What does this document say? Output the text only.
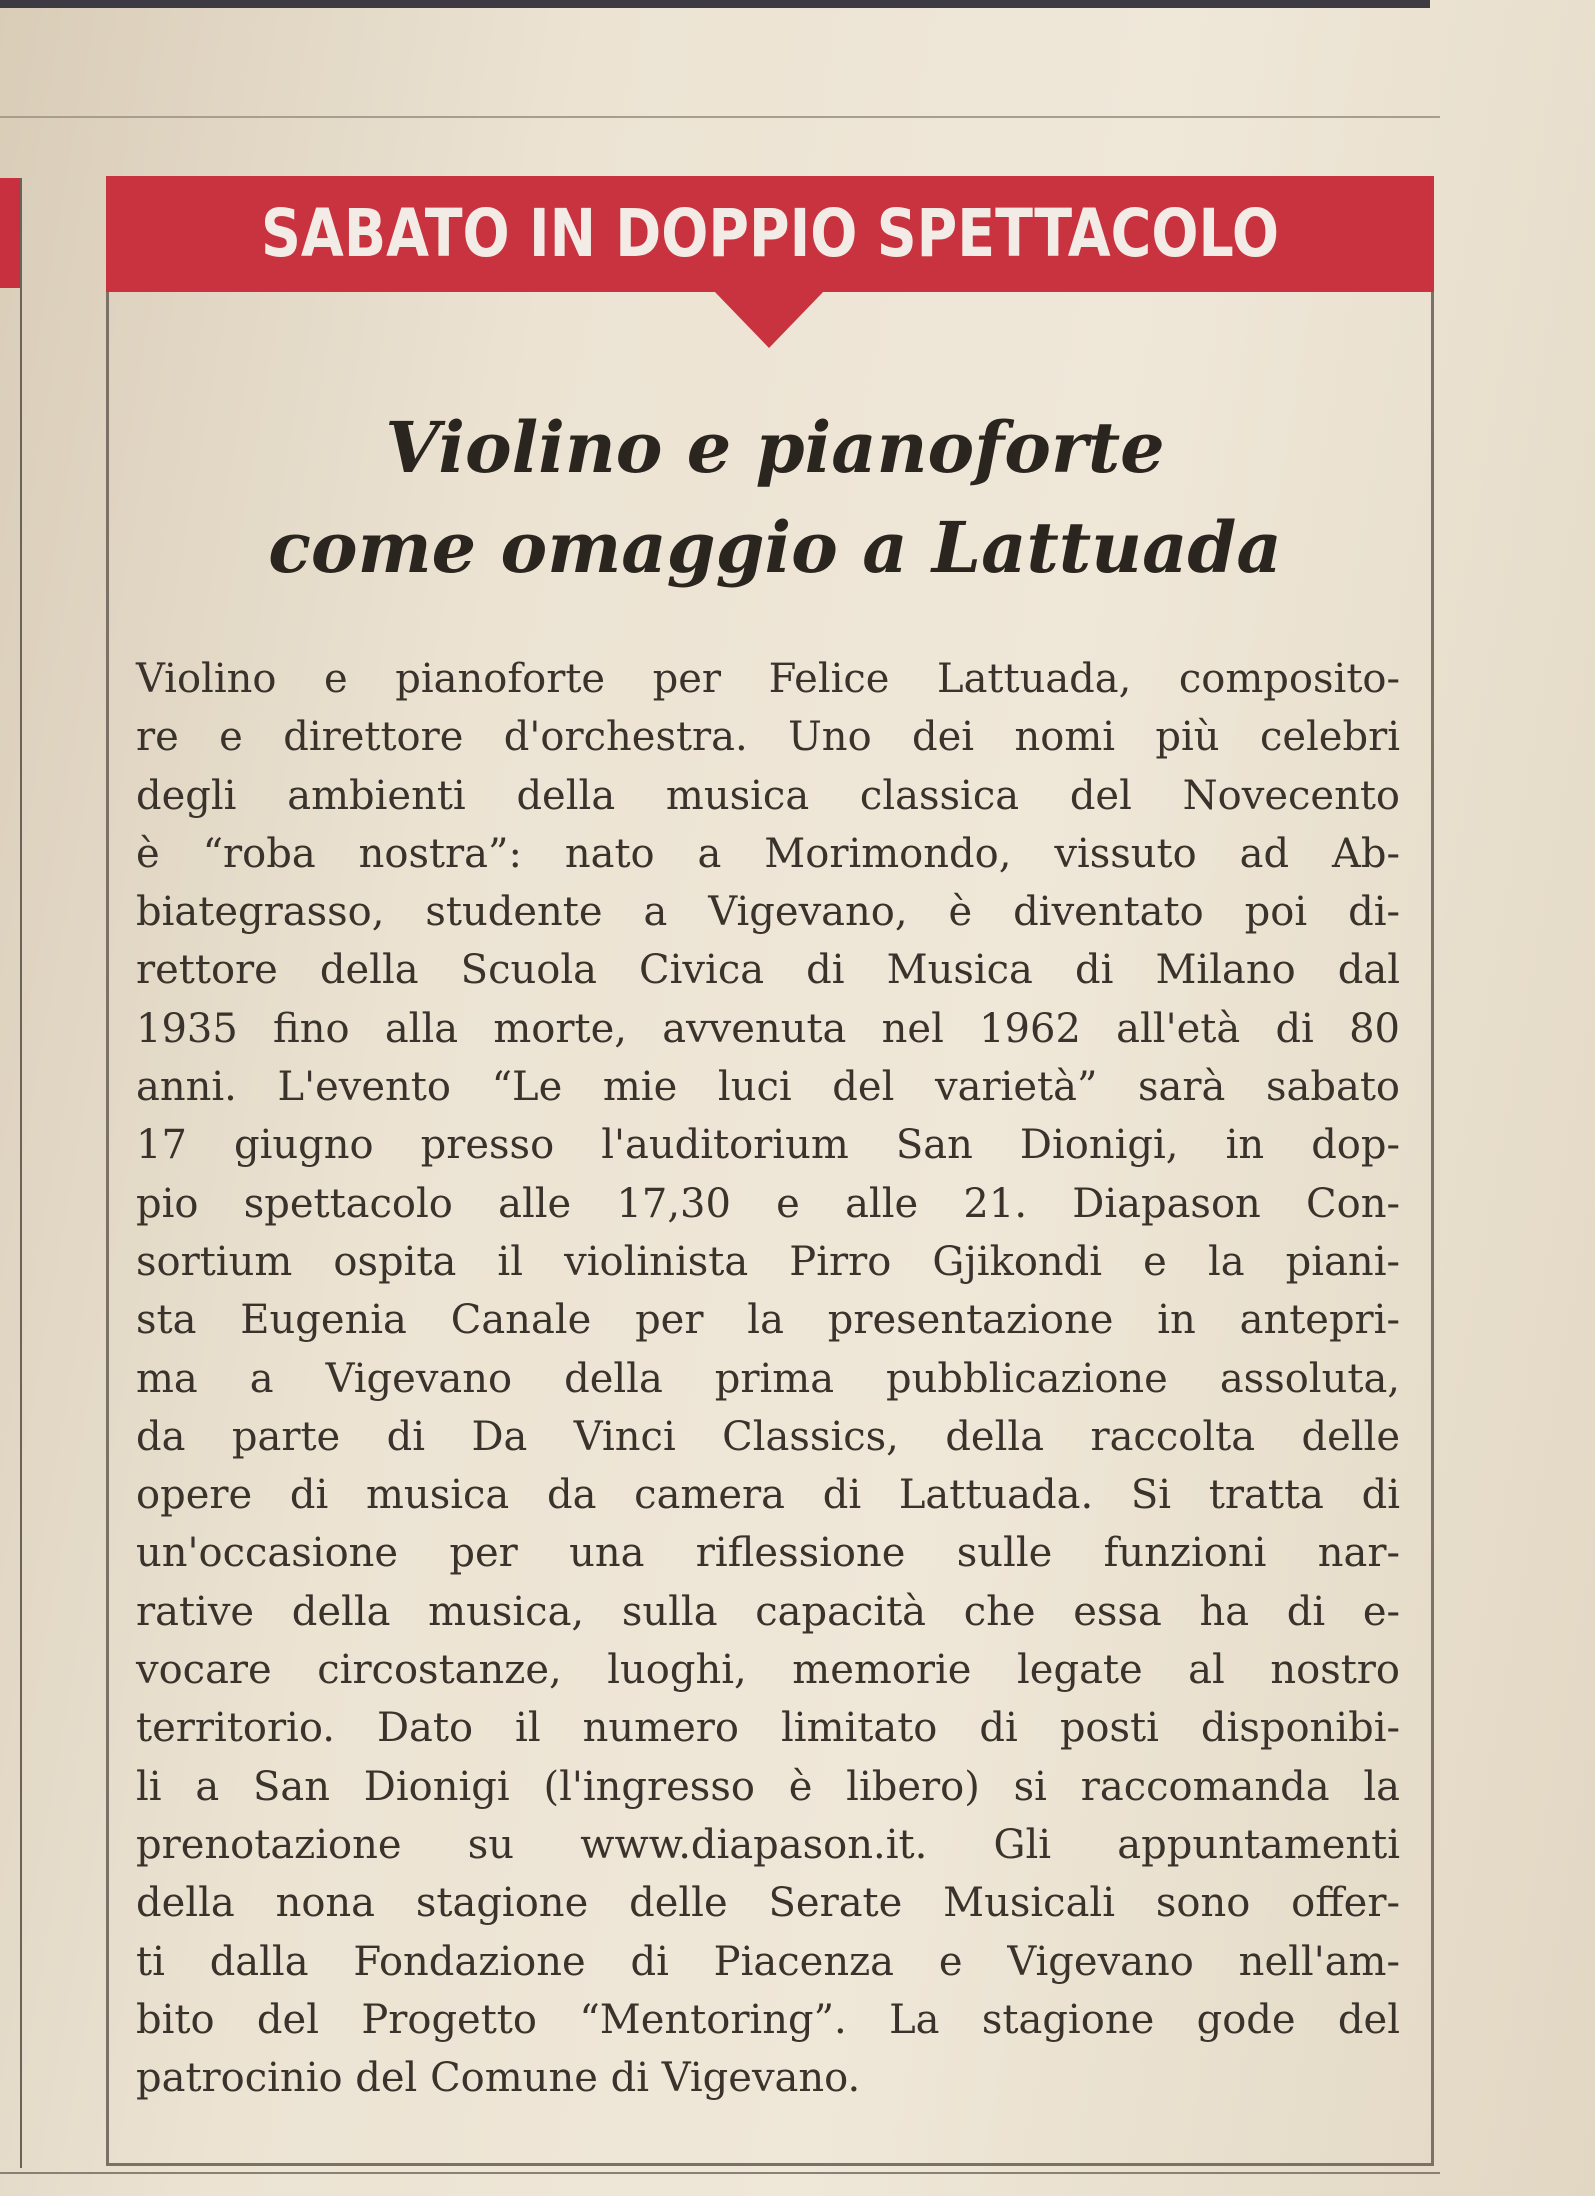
SABATO IN DOPPIO SPETTACOLO
Violino e pianoforte
come omaggio a Lattuada
Violino e pianoforte per Felice Lattuada, composito-
re e direttore d'orchestra. Uno dei nomi più celebri
degli ambienti della musica classica del Novecento
è “roba nostra”: nato a Morimondo, vissuto ad Ab-
biategrasso, studente a Vigevano, è diventato poi di-
rettore della Scuola Civica di Musica di Milano dal
1935 fino alla morte, avvenuta nel 1962 all'età di 80
anni. L'evento “Le mie luci del varietà” sarà sabato
17 giugno presso l'auditorium San Dionigi, in dop-
pio spettacolo alle 17,30 e alle 21. Diapason Con-
sortium ospita il violinista Pirro Gjikondi e la piani-
sta Eugenia Canale per la presentazione in antepri-
ma a Vigevano della prima pubblicazione assoluta,
da parte di Da Vinci Classics, della raccolta delle
opere di musica da camera di Lattuada. Si tratta di
un'occasione per una riflessione sulle funzioni nar-
rative della musica, sulla capacità che essa ha di e-
vocare circostanze, luoghi, memorie legate al nostro
territorio. Dato il numero limitato di posti disponibi-
li a San Dionigi (l'ingresso è libero) si raccomanda la
prenotazione su www.diapason.it. Gli appuntamenti
della nona stagione delle Serate Musicali sono offer-
ti dalla Fondazione di Piacenza e Vigevano nell'am-
bito del Progetto “Mentoring”. La stagione gode del
patrocinio del Comune di Vigevano.
